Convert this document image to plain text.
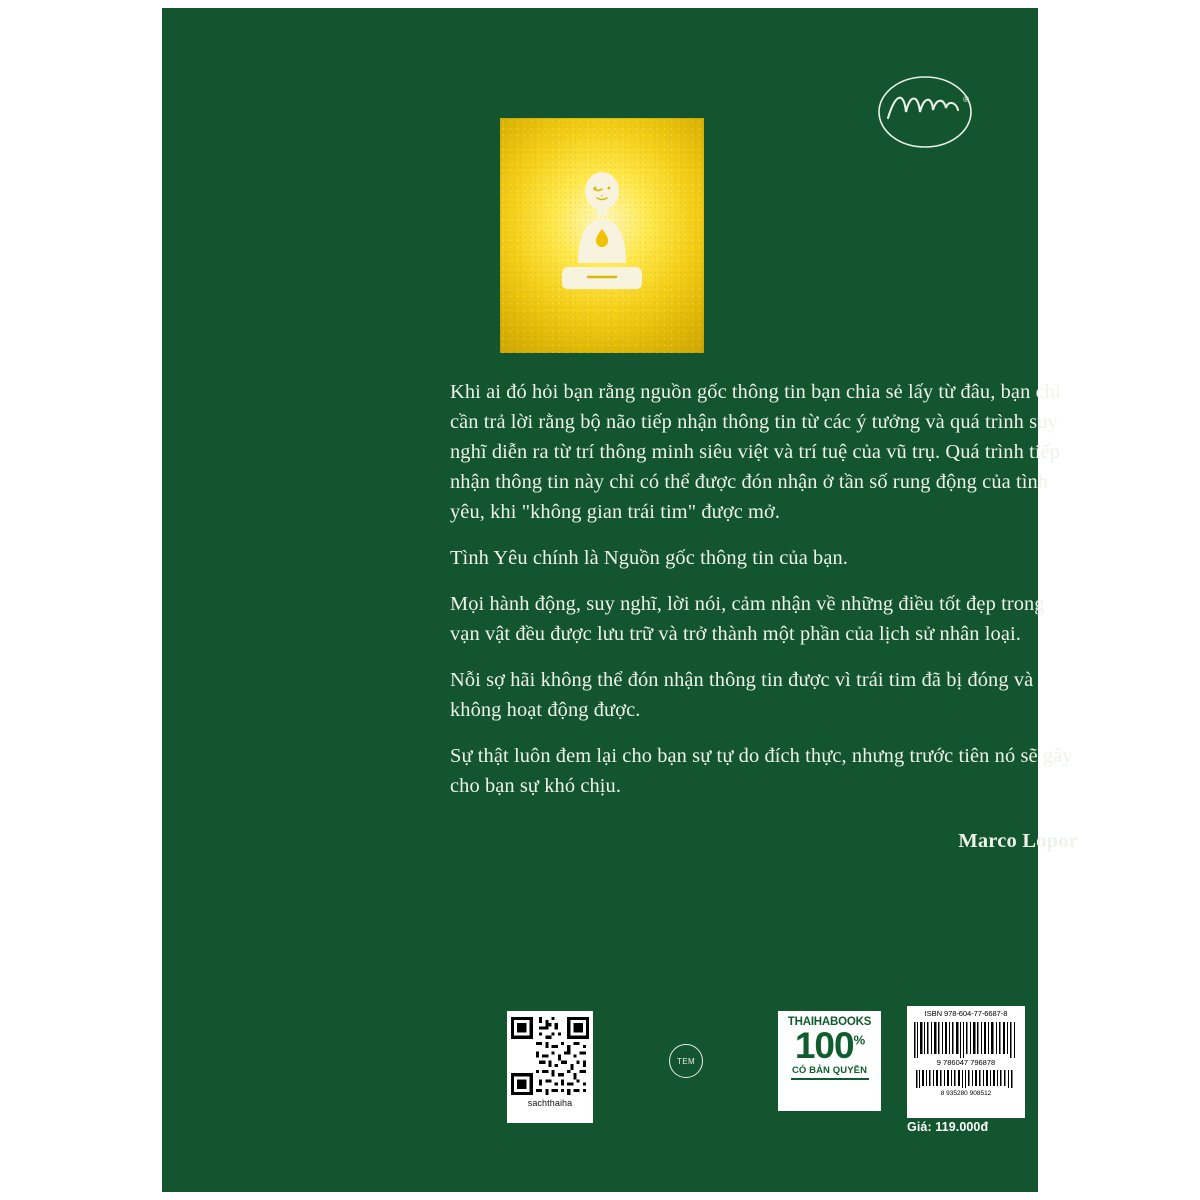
®

Khi ai đó hỏi bạn rằng nguồn gốc thông tin bạn chia sẻ lấy từ đâu, bạn chỉ cần trả lời rằng bộ não tiếp nhận thông tin từ các ý tưởng và quá trình suy nghĩ diễn ra từ trí thông minh siêu việt và trí tuệ của vũ trụ. Quá trình tiếp nhận thông tin này chỉ có thể được đón nhận ở tần số rung động của tình yêu, khi "không gian trái tim" được mở.

Tình Yêu chính là Nguồn gốc thông tin của bạn.

Mọi hành động, suy nghĩ, lời nói, cảm nhận về những điều tốt đẹp trong vạn vật đều được lưu trữ và trở thành một phần của lịch sử nhân loại.

Nỗi sợ hãi không thể đón nhận thông tin được vì trái tim đã bị đóng và không hoạt động được.

Sự thật luôn đem lại cho bạn sự tự do đích thực, nhưng trước tiên nó sẽ gây cho bạn sự khó chịu.

Marco Lopor
sachthaiha
TEM
THAIHABOOKS
100%
CÓ BẢN QUYỀN
ISBN 978-604-77-6687-8
9 786047 796878
8 935280 908512
Giá: 119.000đ
